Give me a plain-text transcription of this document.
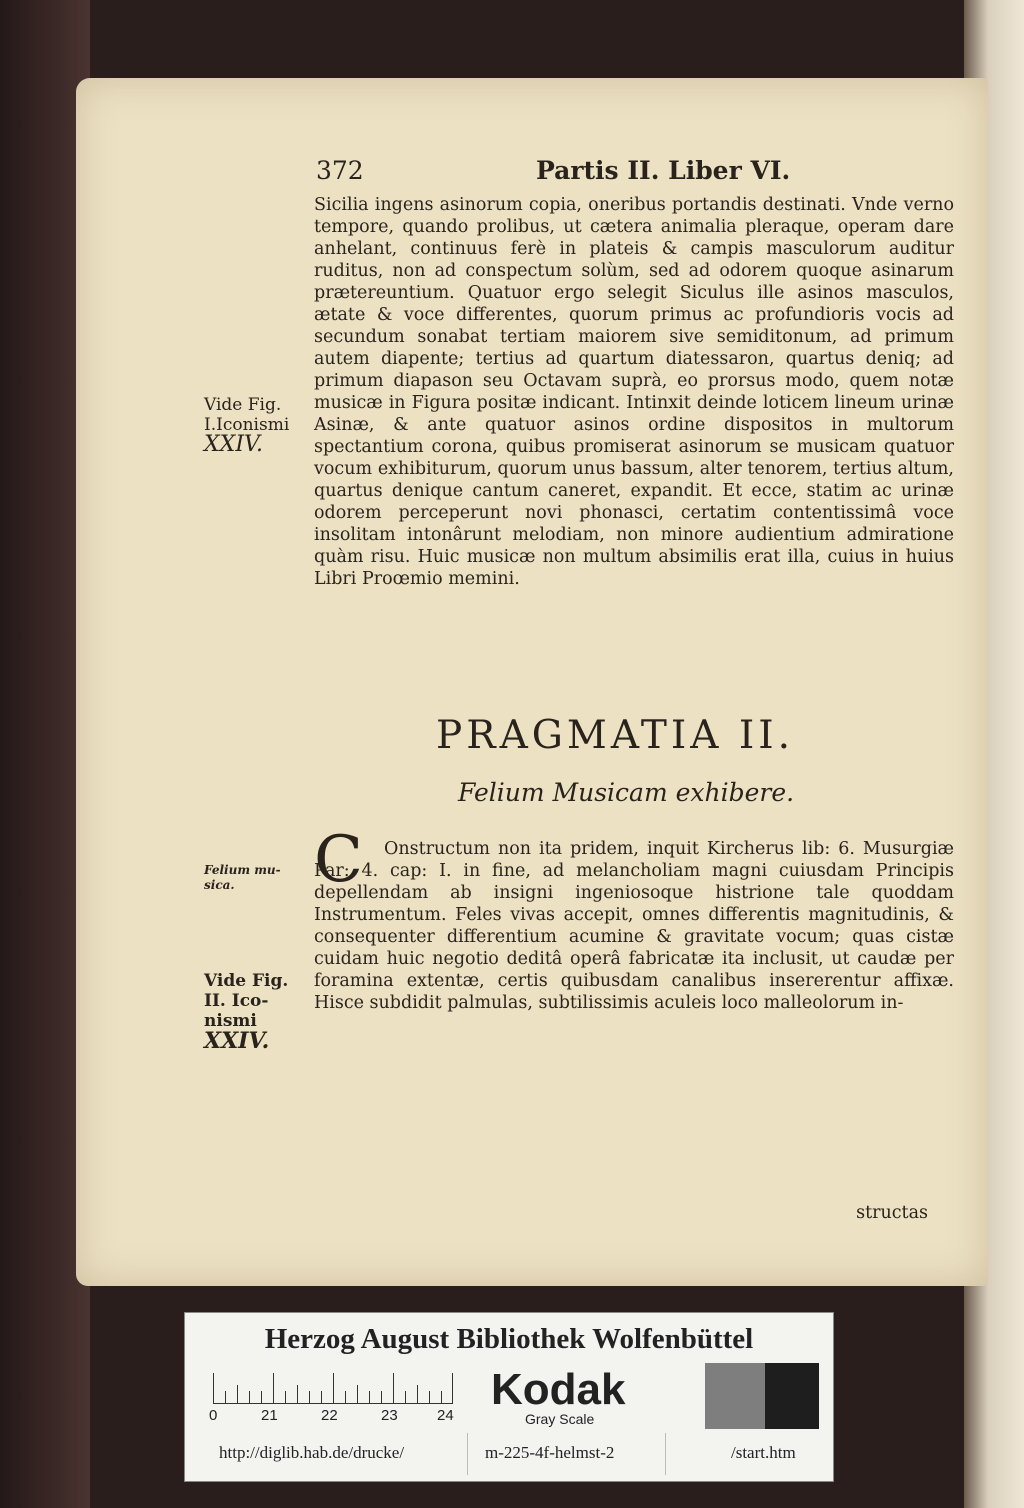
372	Partis II. Liber VI.

Sicilia ingens asinorum copia, oneribus portandis destinati. Vnde verno tempore, quando prolibus, ut cætera animalia pleraque, operam dare anhelant, continuus ferè in plateis & campis masculorum auditur ruditus, non ad conspectum solùm, sed ad odorem quoque asinarum prætereuntium. Quatuor ergo selegit Siculus ille asinos masculos, ætate & voce differentes, quorum primus ac profundioris vocis ad secundum sonabat tertiam maiorem sive semiditonum, ad primum autem diapente; tertius ad quartum diatessaron, quartus deniq; ad primum diapason seu Octavam suprà, eo prorsus modo, quem notæ musicæ in Figura positæ indicant. Intinxit deinde loticem lineum urinæ Asinæ, & ante quatuor asinos ordine dispositos in multorum spectantium corona, quibus promiserat asinorum se musicam quatuor vocum exhibiturum, quorum unus bassum, alter tenorem, tertius altum, quartus denique cantum caneret, expandit. Et ecce, statim ac urinæ odorem perceperunt novi phonasci, certatim contentissimâ voce insolitam intonârunt melodiam, non minore audientium admiratione quàm risu. Huic musicæ non multum absimilis erat illa, cuius in huius Libri Proœmio memini.

Vide Fig.
I.Iconismi
XXIV.
PRAGMATIA II.
Felium Musicam exhibere.
Felium mu-
sica.	C	Onstructum non ita pridem, inquit Kircherus lib: 6. Musurgiæ Par: 4. cap: I. in fine, ad melancholiam magni cuiusdam Principis depellendam ab insigni ingeniosoque histrione tale quoddam Instrumentum. Feles vivas accepit, omnes differentis magnitudinis, & consequenter differentium acumine & gravitate vocum; quas cistæ cuidam huic negotio deditâ operâ fabricatæ ita inclusit, ut caudæ per foramina extentæ, certis quibusdam canalibus insererentur affixæ. Hisce subdidit palmulas, subtilissimis aculeis loco malleolorum in-

Vide Fig.
II. Ico-
nismi
XXIV.
structas
Herzog August Bibliothek Wolfenbüttel
0	21	22	23	24
Kodak
Gray Scale
http://diglib.hab.de/drucke/	m-225-4f-helmst-2	/start.htm
